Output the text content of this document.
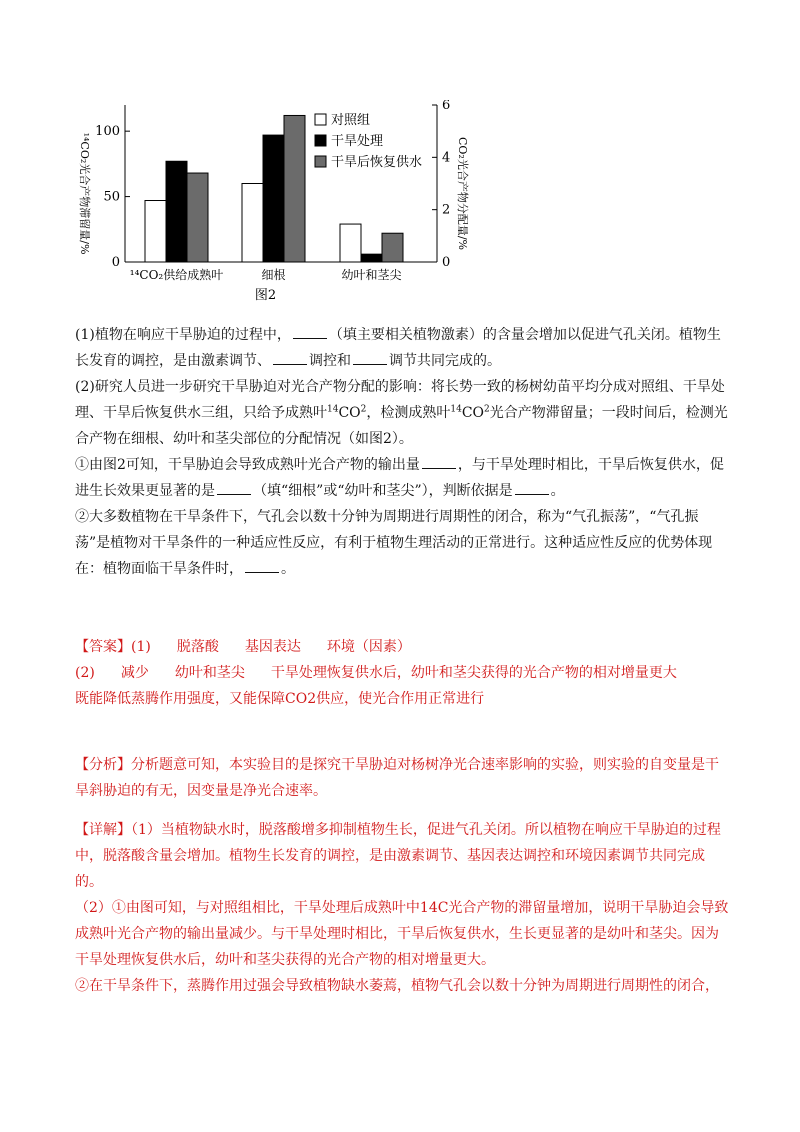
0
50
100
0
2
4
6
对照组
干旱处理
干旱后恢复供水
¹⁴CO₂光合产物滞留量/%	CO₂光合产物分配量/%
¹⁴CO₂供给成熟叶	细根	幼叶和茎尖
图2

(1)植物在响应干旱胁迫的过程中，	（填主要相关植物激素）的含量会增加以促进气孔关闭。植物生长发育的调控，是由激素调节、	调控和	调节共同完成的。

(2)研究人员进一步研究干旱胁迫对光合产物分配的影响：将长势一致的杨树幼苗平均分成对照组、干旱处理、干旱后恢复供水三组，只给予成熟叶$^{14}CO^2$，检测成熟叶$^{14}CO^2$光合产物滞留量；一段时间后，检测光合产物在细根、幼叶和茎尖部位的分配情况（如图2）。

①由图2可知，干旱胁迫会导致成熟叶光合产物的输出量	，与干旱处理时相比，干旱后恢复供水，促进生长效果更显著的是	（填“细根”或“幼叶和茎尖”），判断依据是	。

②大多数植物在干旱条件下，气孔会以数十分钟为周期进行周期性的闭合，称为“气孔振荡”，“气孔振荡”是植物对干旱条件的一种适应性反应，有利于植物生理活动的正常进行。这种适应性反应的优势体现在：植物面临干旱条件时，	。

【答案】(1) 脱落酸 基因表达 环境（因素）

(2) 减少 幼叶和茎尖 干旱处理恢复供水后，幼叶和茎尖获得的光合产物的相对增量更大

既能降低蒸腾作用强度，又能保障CO2供应，使光合作用正常进行

【分析】分析题意可知，本实验目的是探究干旱胁迫对杨树净光合速率影响的实验，则实验的自变量是干旱斜胁迫的有无，因变量是净光合速率。

【详解】（1）当植物缺水时，脱落酸增多抑制植物生长，促进气孔关闭。所以植物在响应干旱胁迫的过程中，脱落酸含量会增加。植物生长发育的调控，是由激素调节、基因表达调控和环境因素调节共同完成的。

（2）①由图可知，与对照组相比，干旱处理后成熟叶中14C光合产物的滞留量增加，说明干旱胁迫会导致成熟叶光合产物的输出量减少。与干旱处理时相比，干旱后恢复供水，生长更显著的是幼叶和茎尖。因为干旱处理恢复供水后，幼叶和茎尖获得的光合产物的相对增量更大。

②在干旱条件下，蒸腾作用过强会导致植物缺水萎蔫，植物气孔会以数十分钟为周期进行周期性的闭合，
